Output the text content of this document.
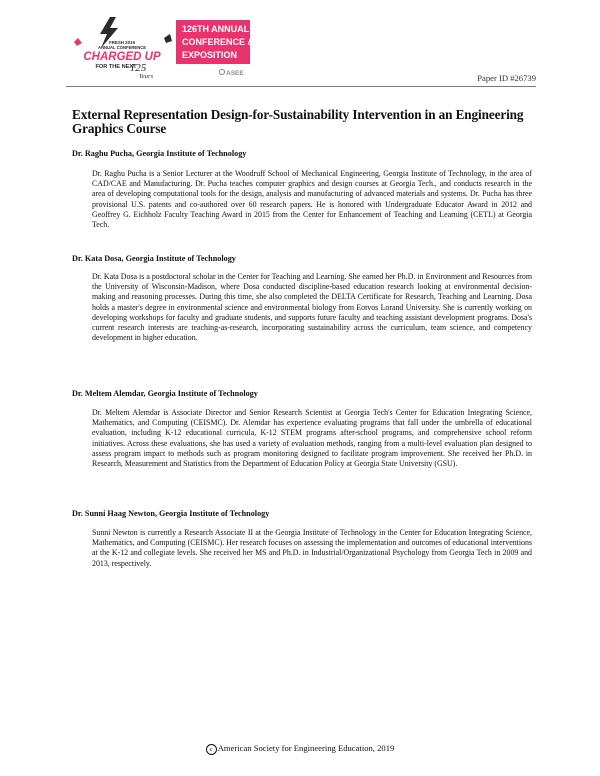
FRESH 2019
ANNUAL CONFERENCE
CHARGED UP
FOR THE NEXT
125
Years
126TH ANNUAL
CONFERENCE &
EXPOSITION
ASEE	Paper ID #26739
External Representation Design-for-Sustainability Intervention in an Engineering Graphics Course
Dr. Raghu Pucha, Georgia Institute of Technology
Dr. Raghu Pucha is a Senior Lecturer at the Woodruff School of Mechanical Engineering, Georgia Institute of Technology, in the area of CAD/CAE and Manufacturing. Dr. Pucha teaches computer graphics and design courses at Georgia Tech., and conducts research in the area of developing computational tools for the design, analysis and manufacturing of advanced materials and systems. Dr. Pucha has three provisional U.S. patents and co-authored over 60 research papers. He is honored with Undergraduate Educator Award in 2012 and Geoffrey G. Eichholz Faculty Teaching Award in 2015 from the Center for Enhancement of Teaching and Learning (CETL) at Georgia Tech.
Dr. Kata Dosa, Georgia Institute of Technology
Dr. Kata Dosa is a postdoctoral scholar in the Center for Teaching and Learning. She earned her Ph.D. in Environment and Resources from the University of Wisconsin-Madison, where Dosa conducted discipline-based education research looking at environmental decision-making and reasoning processes. During this time, she also completed the DELTA Certificate for Research, Teaching and Learning. Dosa holds a master's degree in environmental science and environmental biology from Eotvos Lorand University. She is currently working on developing workshops for faculty and graduate students, and supports future faculty and teaching assistant development programs. Dosa's current research interests are teaching-as-research, incorporating sustainability across the curriculum, team science, and competency development in higher education.
Dr. Meltem Alemdar, Georgia Institute of Technology
Dr. Meltem Alemdar is Associate Director and Senior Research Scientist at Georgia Tech's Center for Education Integrating Science, Mathematics, and Computing (CEISMC). Dr. Alemdar has experience evaluating programs that fall under the umbrella of educational evaluation, including K-12 educational curricula, K-12 STEM programs after-school programs, and comprehensive school reform initiatives. Across these evaluations, she has used a variety of evaluation methods, ranging from a multi-level evaluation plan designed to assess program impact to methods such as program monitoring designed to facilitate program improvement. She received her Ph.D. in Research, Measurement and Statistics from the Department of Education Policy at Georgia State University (GSU).
Dr. Sunni Haag Newton, Georgia Institute of Technology
Sunni Newton is currently a Research Associate II at the Georgia Institute of Technology in the Center for Education Integrating Science, Mathematics, and Computing (CEISMC). Her research focuses on assessing the implementation and outcomes of educational interventions at the K-12 and collegiate levels. She received her MS and Ph.D. in Industrial/Organizational Psychology from Georgia Tech in 2009 and 2013, respectively.
c American Society for Engineering Education, 2019
